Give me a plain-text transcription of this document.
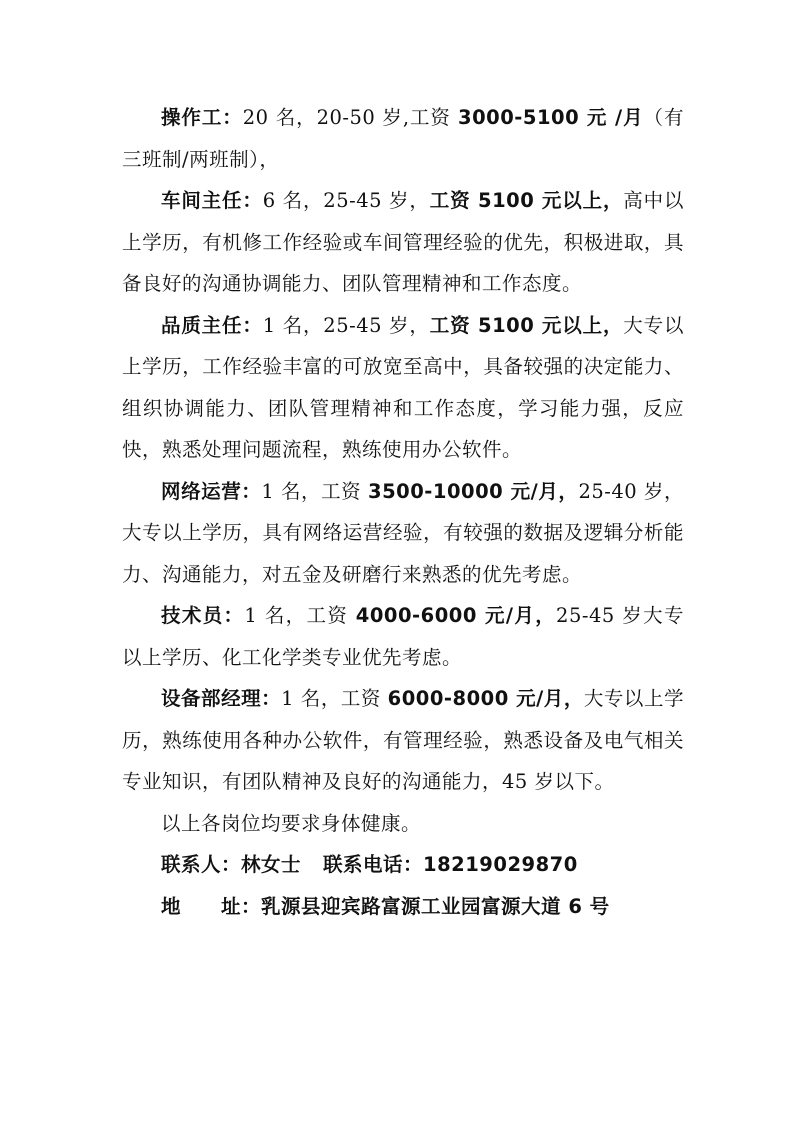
操作工：20 名，20-50 岁,工资 3000-5100 元 /月（有三班制/两班制），

车间主任：6 名，25-45 岁，工资 5100 元以上，高中以上学历，有机修工作经验或车间管理经验的优先，积极进取，具备良好的沟通协调能力、团队管理精神和工作态度。

品质主任：1 名，25-45 岁，工资 5100 元以上，大专以上学历，工作经验丰富的可放宽至高中，具备较强的决定能力、组织协调能力、团队管理精神和工作态度，学习能力强，反应快，熟悉处理问题流程，熟练使用办公软件。

网络运营：1 名，工资 3500-10000 元/月，25-40 岁，大专以上学历，具有网络运营经验，有较强的数据及逻辑分析能力、沟通能力，对五金及研磨行来熟悉的优先考虑。

技术员：1 名，工资 4000-6000 元/月，25-45 岁大专以上学历、化工化学类专业优先考虑。

设备部经理：1 名，工资 6000-8000 元/月，大专以上学历，熟练使用各种办公软件，有管理经验，熟悉设备及电气相关专业知识，有团队精神及良好的沟通能力，45 岁以下。

以上各岗位均要求身体健康。

联系人：林女士 联系电话：18219029870

地 址：乳源县迎宾路富源工业园富源大道 6 号
